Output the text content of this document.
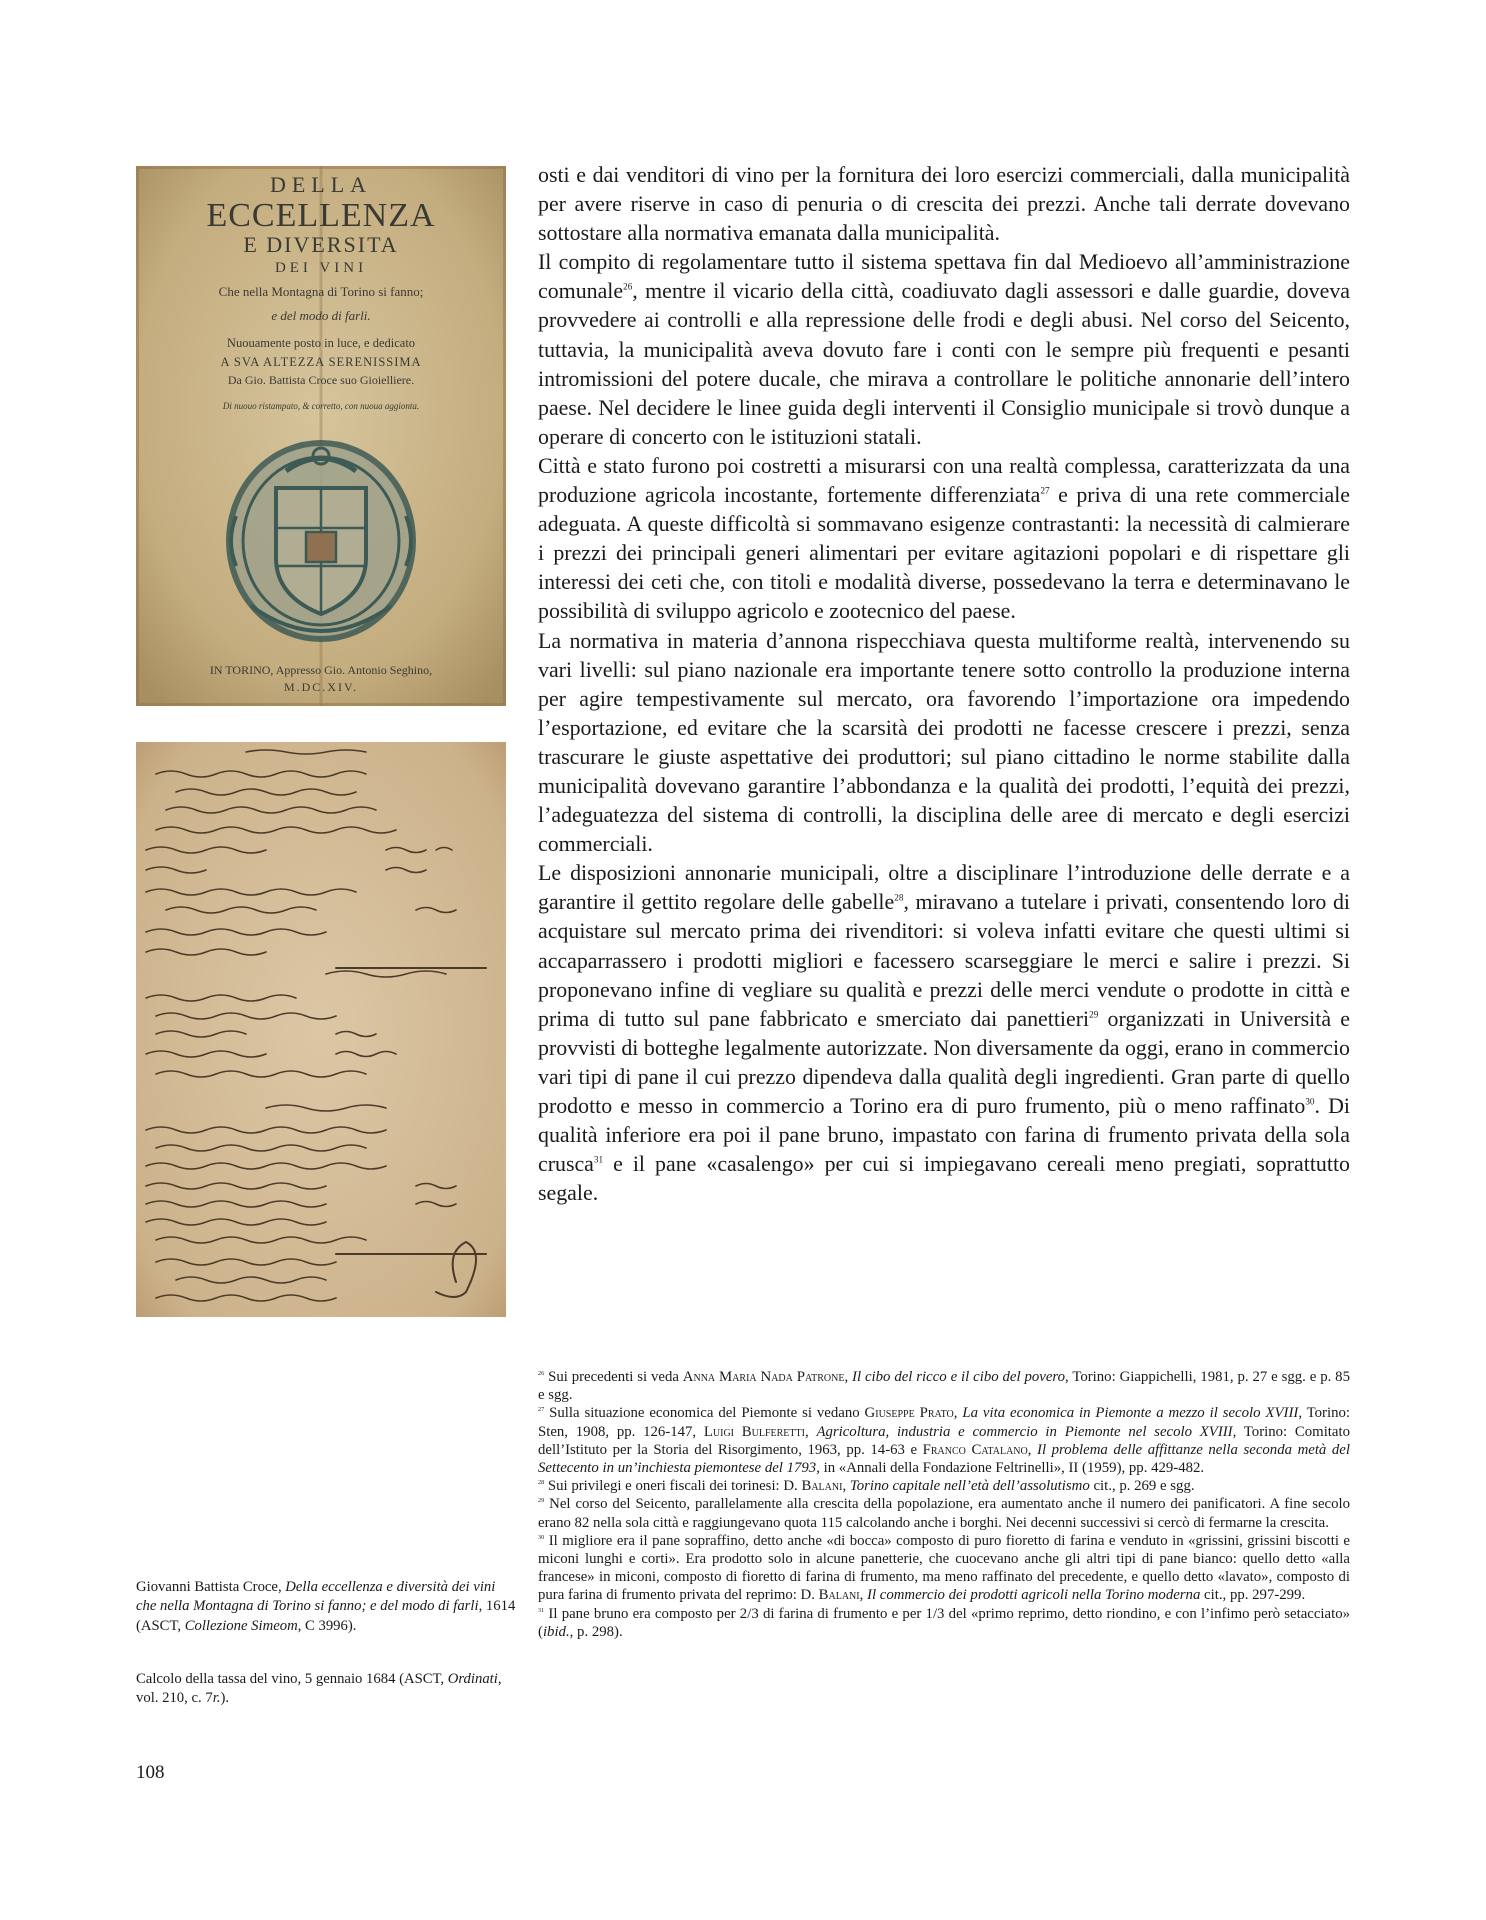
DELLA
ECCELLENZA
E DIVERSITA
DEI VINI
Che nella Montagna di Torino si fanno;
e del modo di farli.
Nuouamente posto in luce, e dedicato
A SVA ALTEZZA SERENISSIMA
Da Gio. Battista Croce suo Gioielliere.
Di nuouo ristampato, & corretto, con nuoua aggionta.
IN TORINO, Appresso Gio. Antonio Seghino,
M.DC.XIV.

osti e dai venditori di vino per la fornitura dei loro esercizi commerciali, dalla municipalità per avere riserve in caso di penuria o di crescita dei prezzi. Anche tali derrate dovevano sottostare alla normativa emanata dalla municipalità.

Il compito di regolamentare tutto il sistema spettava fin dal Medioevo all’amministrazione comunale$^{26}$, mentre il vicario della città, coadiuvato dagli assessori e dalle guardie, doveva provvedere ai controlli e alla repressione delle frodi e degli abusi. Nel corso del Seicento, tuttavia, la municipalità aveva dovuto fare i conti con le sempre più frequenti e pesanti intromissioni del potere ducale, che mirava a controllare le politiche annonarie dell’intero paese. Nel decidere le linee guida degli interventi il Consiglio municipale si trovò dunque a operare di concerto con le istituzioni statali.

Città e stato furono poi costretti a misurarsi con una realtà complessa, caratterizzata da una produzione agricola incostante, fortemente differenziata$^{27}$ e priva di una rete commerciale adeguata. A queste difficoltà si sommavano esigenze contrastanti: la necessità di calmierare i prezzi dei principali generi alimentari per evitare agitazioni popolari e di rispettare gli interessi dei ceti che, con titoli e modalità diverse, possedevano la terra e determinavano le possibilità di sviluppo agricolo e zootecnico del paese.

La normativa in materia d’annona rispecchiava questa multiforme realtà, intervenendo su vari livelli: sul piano nazionale era importante tenere sotto controllo la produzione interna per agire tempestivamente sul mercato, ora favorendo l’importazione ora impedendo l’esportazione, ed evitare che la scarsità dei prodotti ne facesse crescere i prezzi, senza trascurare le giuste aspettative dei produttori; sul piano cittadino le norme stabilite dalla municipalità dovevano garantire l’abbondanza e la qualità dei prodotti, l’equità dei prezzi, l’adeguatezza del sistema di controlli, la disciplina delle aree di mercato e degli esercizi commerciali.

Le disposizioni annonarie municipali, oltre a disciplinare l’introduzione delle derrate e a garantire il gettito regolare delle gabelle$^{28}$, miravano a tutelare i privati, consentendo loro di acquistare sul mercato prima dei rivenditori: si voleva infatti evitare che questi ultimi si accaparrassero i prodotti migliori e facessero scarseggiare le merci e salire i prezzi. Si proponevano infine di vegliare su qualità e prezzi delle merci vendute o prodotte in città e prima di tutto sul pane fabbricato e smerciato dai panettieri$^{29}$ organizzati in Università e provvisti di botteghe legalmente autorizzate. Non diversamente da oggi, erano in commercio vari tipi di pane il cui prezzo dipendeva dalla qualità degli ingredienti. Gran parte di quello prodotto e messo in commercio a Torino era di puro frumento, più o meno raffinato$^{30}$. Di qualità inferiore era poi il pane bruno, impastato con farina di frumento privata della sola crusca$^{31}$ e il pane «casalengo» per cui si impiegavano cereali meno pregiati, soprattutto segale.

$^{26}$ Sui precedenti si veda Anna Maria Nada Patrone, Il cibo del ricco e il cibo del povero, Torino: Giappichelli, 1981, p. 27 e sgg. e p. 85 e sgg.

$^{27}$ Sulla situazione economica del Piemonte si vedano Giuseppe Prato, La vita economica in Piemonte a mezzo il secolo XVIII, Torino: Sten, 1908, pp. 126-147, Luigi Bulferetti, Agricoltura, industria e commercio in Piemonte nel secolo XVIII, Torino: Comitato dell’Istituto per la Storia del Risorgimento, 1963, pp. 14-63 e Franco Catalano, Il problema delle affittanze nella seconda metà del Settecento in un’inchiesta piemontese del 1793, in «Annali della Fondazione Feltrinelli», II (1959), pp. 429-482.

$^{28}$ Sui privilegi e oneri fiscali dei torinesi: D. Balani, Torino capitale nell’età dell’assolutismo cit., p. 269 e sgg.

$^{29}$ Nel corso del Seicento, parallelamente alla crescita della popolazione, era aumentato anche il numero dei panificatori. A fine secolo erano 82 nella sola città e raggiungevano quota 115 calcolando anche i borghi. Nei decenni successivi si cercò di fermarne la crescita.

$^{30}$ Il migliore era il pane sopraffino, detto anche «di bocca» composto di puro fioretto di farina e venduto in «grissini, grissini biscotti e miconi lunghi e corti». Era prodotto solo in alcune panetterie, che cuocevano anche gli altri tipi di pane bianco: quello detto «alla francese» in miconi, composto di fioretto di farina di frumento, ma meno raffinato del precedente, e quello detto «lavato», composto di pura farina di frumento privata del reprimo: D. Balani, Il commercio dei prodotti agricoli nella Torino moderna cit., pp. 297-299.

$^{31}$ Il pane bruno era composto per 2/3 di farina di frumento e per 1/3 del «primo reprimo, detto riondino, e con l’infimo però setacciato» (ibid., p. 298).

Giovanni Battista Croce, Della eccellenza e diversità dei vini che nella Montagna di Torino si fanno; e del modo di farli, 1614 (ASCT, Collezione Simeom, C 3996).

Calcolo della tassa del vino, 5 gennaio 1684 (ASCT, Ordinati, vol. 210, c. 7r.).

108
